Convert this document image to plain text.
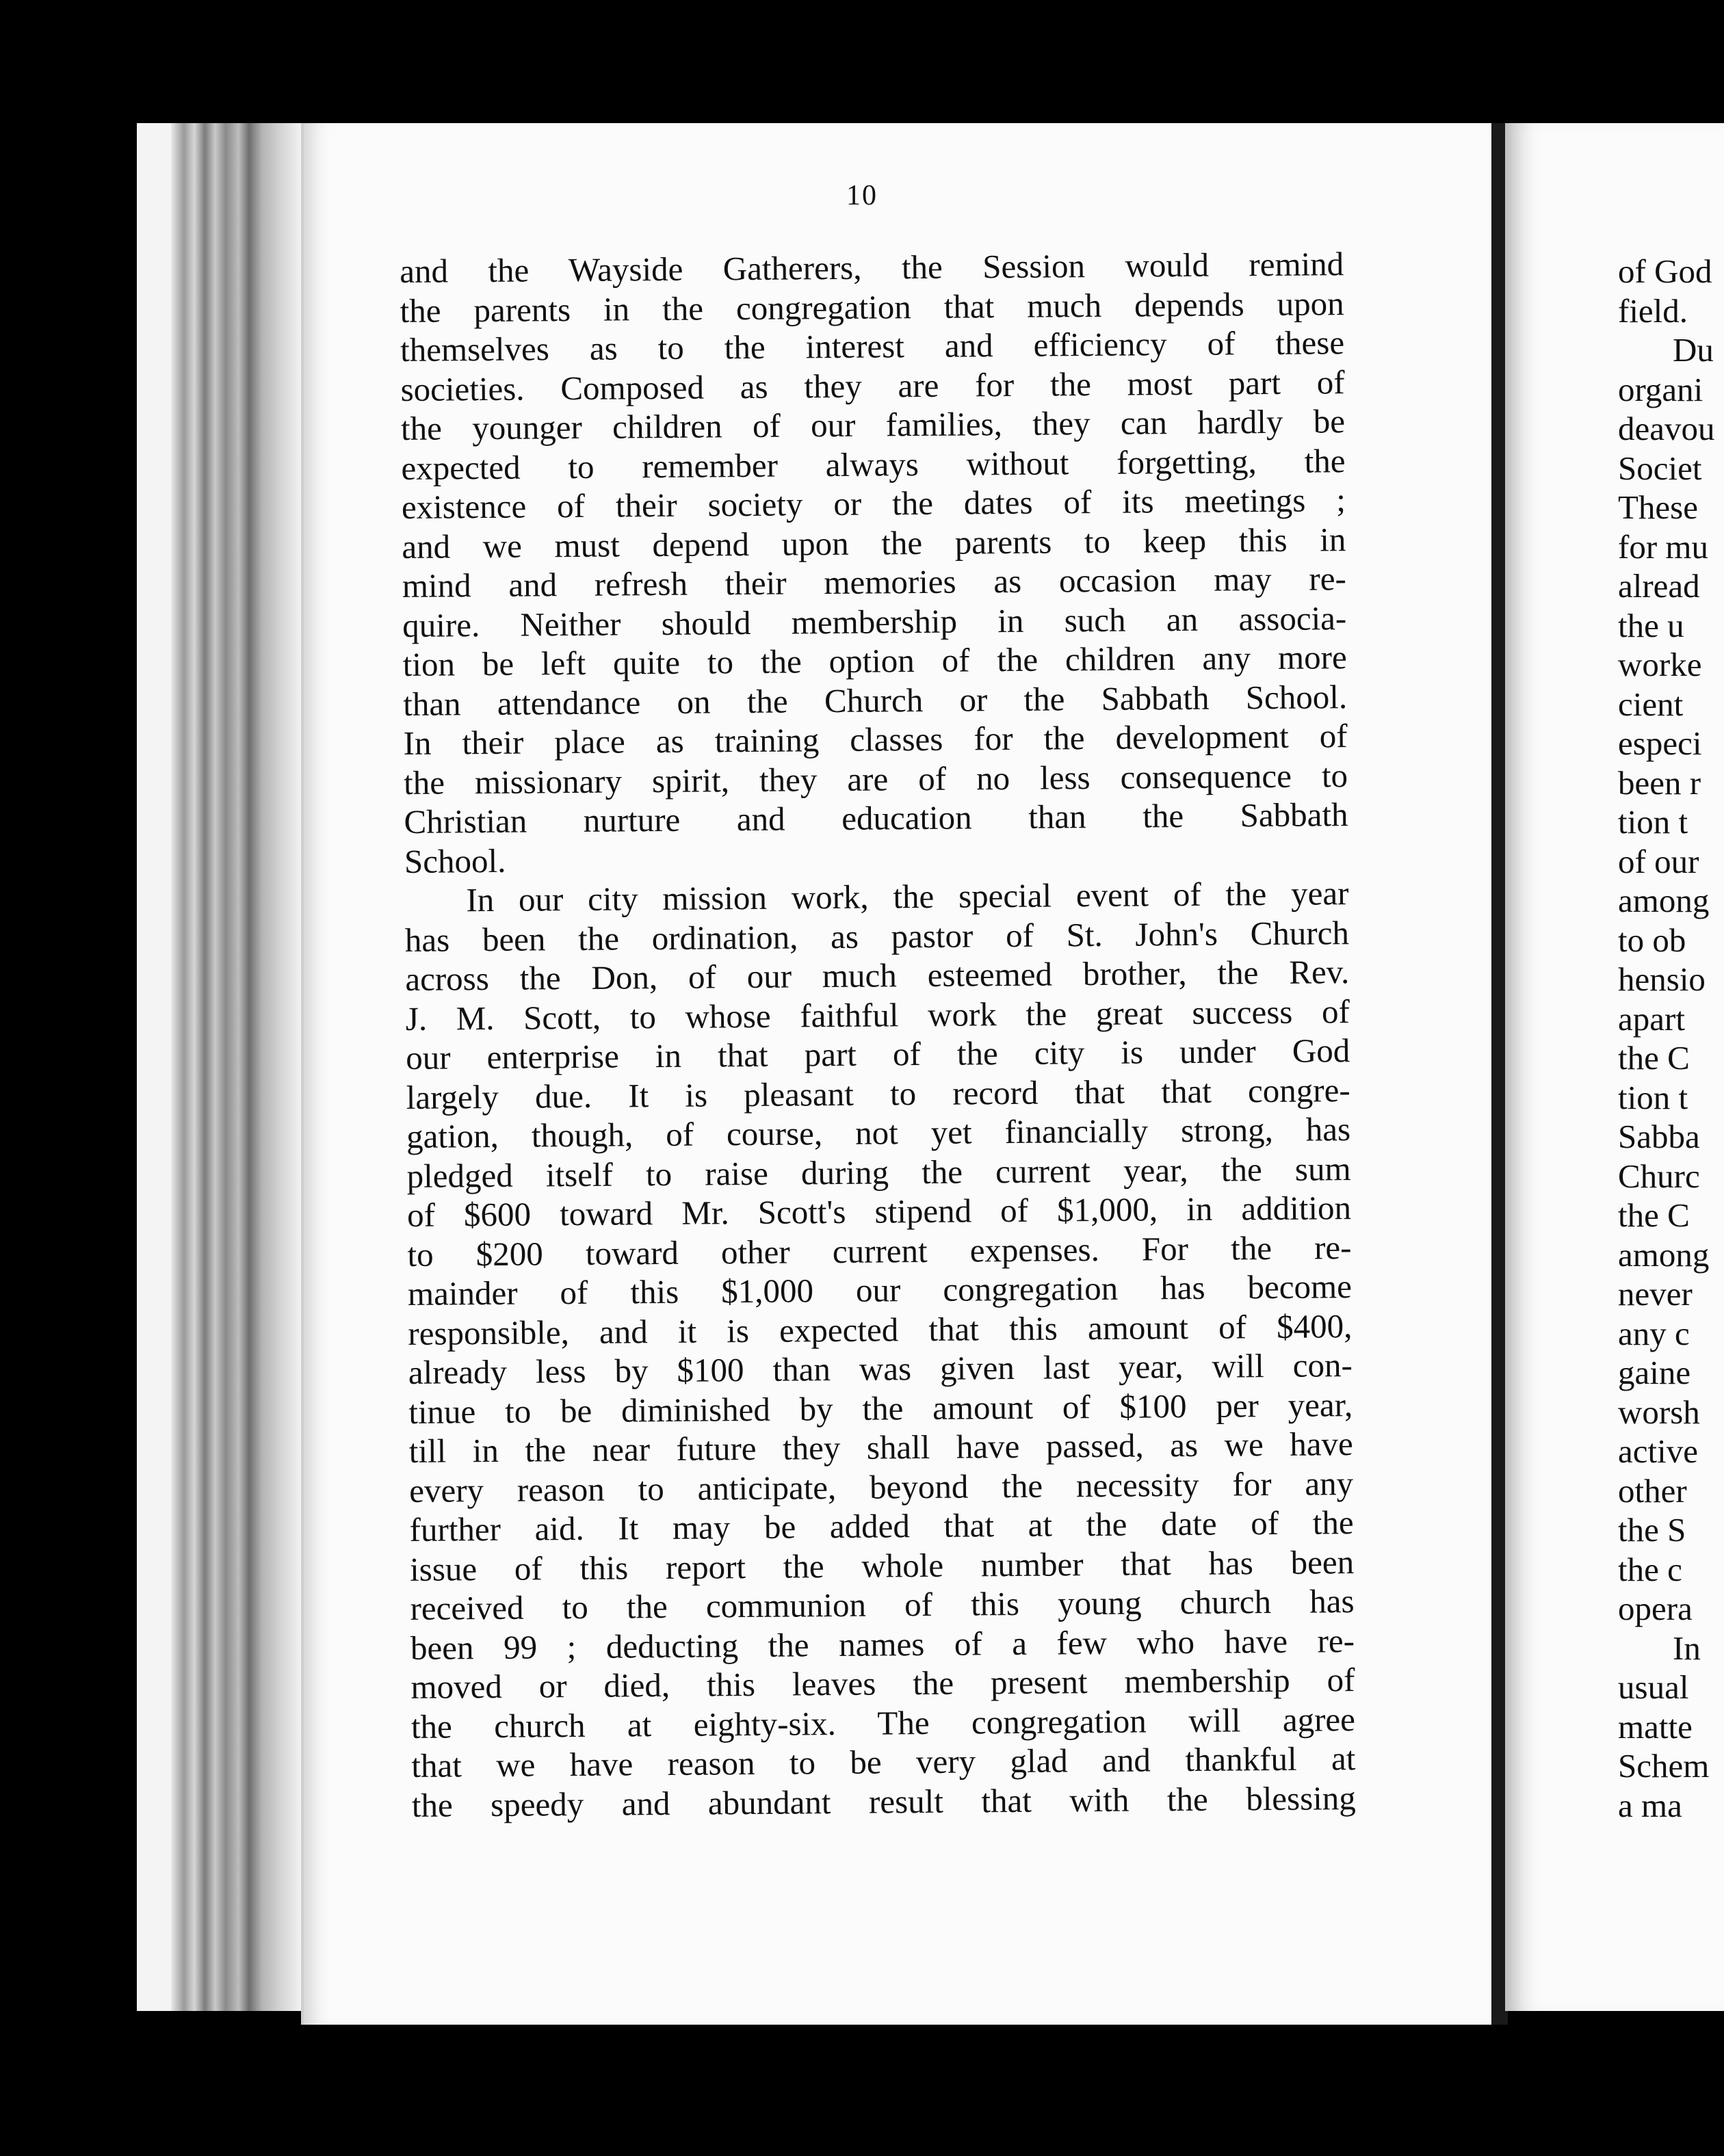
10
and the Wayside Gatherers, the Session would remind
the parents in the congregation that much depends upon
themselves as to the interest and efficiency of these
societies. Composed as they are for the most part of
the younger children of our families, they can hardly be
expected to remember always without forgetting, the
existence of their society or the dates of its meetings ;
and we must depend upon the parents to keep this in
mind and refresh their memories as occasion may re-
quire. Neither should membership in such an associa-
tion be left quite to the option of the children any more
than attendance on the Church or the Sabbath School.
In their place as training classes for the development of
the missionary spirit, they are of no less consequence to
Christian nurture and education than the Sabbath
School.
In our city mission work, the special event of the year
has been the ordination, as pastor of St. John's Church
across the Don, of our much esteemed brother, the Rev.
J. M. Scott, to whose faithful work the great success of
our enterprise in that part of the city is under God
largely due. It is pleasant to record that that congre-
gation, though, of course, not yet financially strong, has
pledged itself to raise during the current year, the sum
of $600 toward Mr. Scott's stipend of $1,000, in addition
to $200 toward other current expenses. For the re-
mainder of this $1,000 our congregation has become
responsible, and it is expected that this amount of $400,
already less by $100 than was given last year, will con-
tinue to be diminished by the amount of $100 per year,
till in the near future they shall have passed, as we have
every reason to anticipate, beyond the necessity for any
further aid. It may be added that at the date of the
issue of this report the whole number that has been
received to the communion of this young church has
been 99 ; deducting the names of a few who have re-
moved or died, this leaves the present membership of
the church at eighty-six. The congregation will agree
that we have reason to be very glad and thankful at
the speedy and abundant result that with the blessing
of God
field.
Du
organi
deavou
Societ
These
for mu
alread
the u
worke
cient
especi
been r
tion t
of our
among
to ob
hensio
apart
the C
tion t
Sabba
Churc
the C
among
never
any c
gaine
worsh
active
other
the S
the c
opera
In
usual
matte
Schem
a ma
